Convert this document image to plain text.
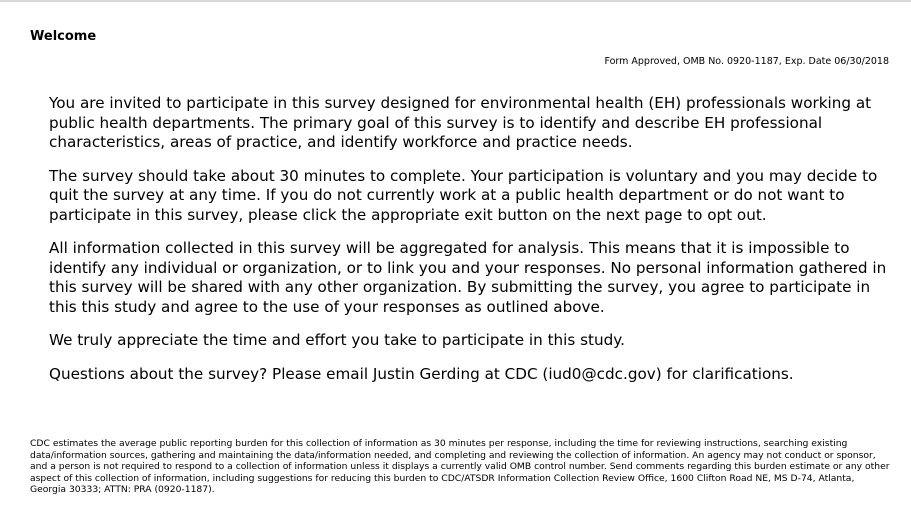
Welcome

Form Approved, OMB No. 0920-1187, Exp. Date 06/30/2018

You are invited to participate in this survey designed for environmental health (EH) professionals working at public health departments. The primary goal of this survey is to identify and describe EH professional characteristics, areas of practice, and identify workforce and practice needs.

The survey should take about 30 minutes to complete. Your participation is voluntary and you may decide to quit the survey at any time. If you do not currently work at a public health department or do not want to participate in this survey, please click the appropriate exit button on the next page to opt out.

All information collected in this survey will be aggregated for analysis. This means that it is impossible to identify any individual or organization, or to link you and your responses. No personal information gathered in this survey will be shared with any other organization. By submitting the survey, you agree to participate in this this study and agree to the use of your responses as outlined above.

We truly appreciate the time and effort you take to participate in this study.

Questions about the survey? Please email Justin Gerding at CDC (iud0@cdc.gov) for clarifications.

CDC estimates the average public reporting burden for this collection of information as 30 minutes per response, including the time for reviewing instructions, searching existing data/information sources, gathering and maintaining the data/information needed, and completing and reviewing the collection of information. An agency may not conduct or sponsor, and a person is not required to respond to a collection of information unless it displays a currently valid OMB control number. Send comments regarding this burden estimate or any other aspect of this collection of information, including suggestions for reducing this burden to CDC/ATSDR Information Collection Review Office, 1600 Clifton Road NE, MS D-74, Atlanta, Georgia 30333; ATTN: PRA (0920-1187).
